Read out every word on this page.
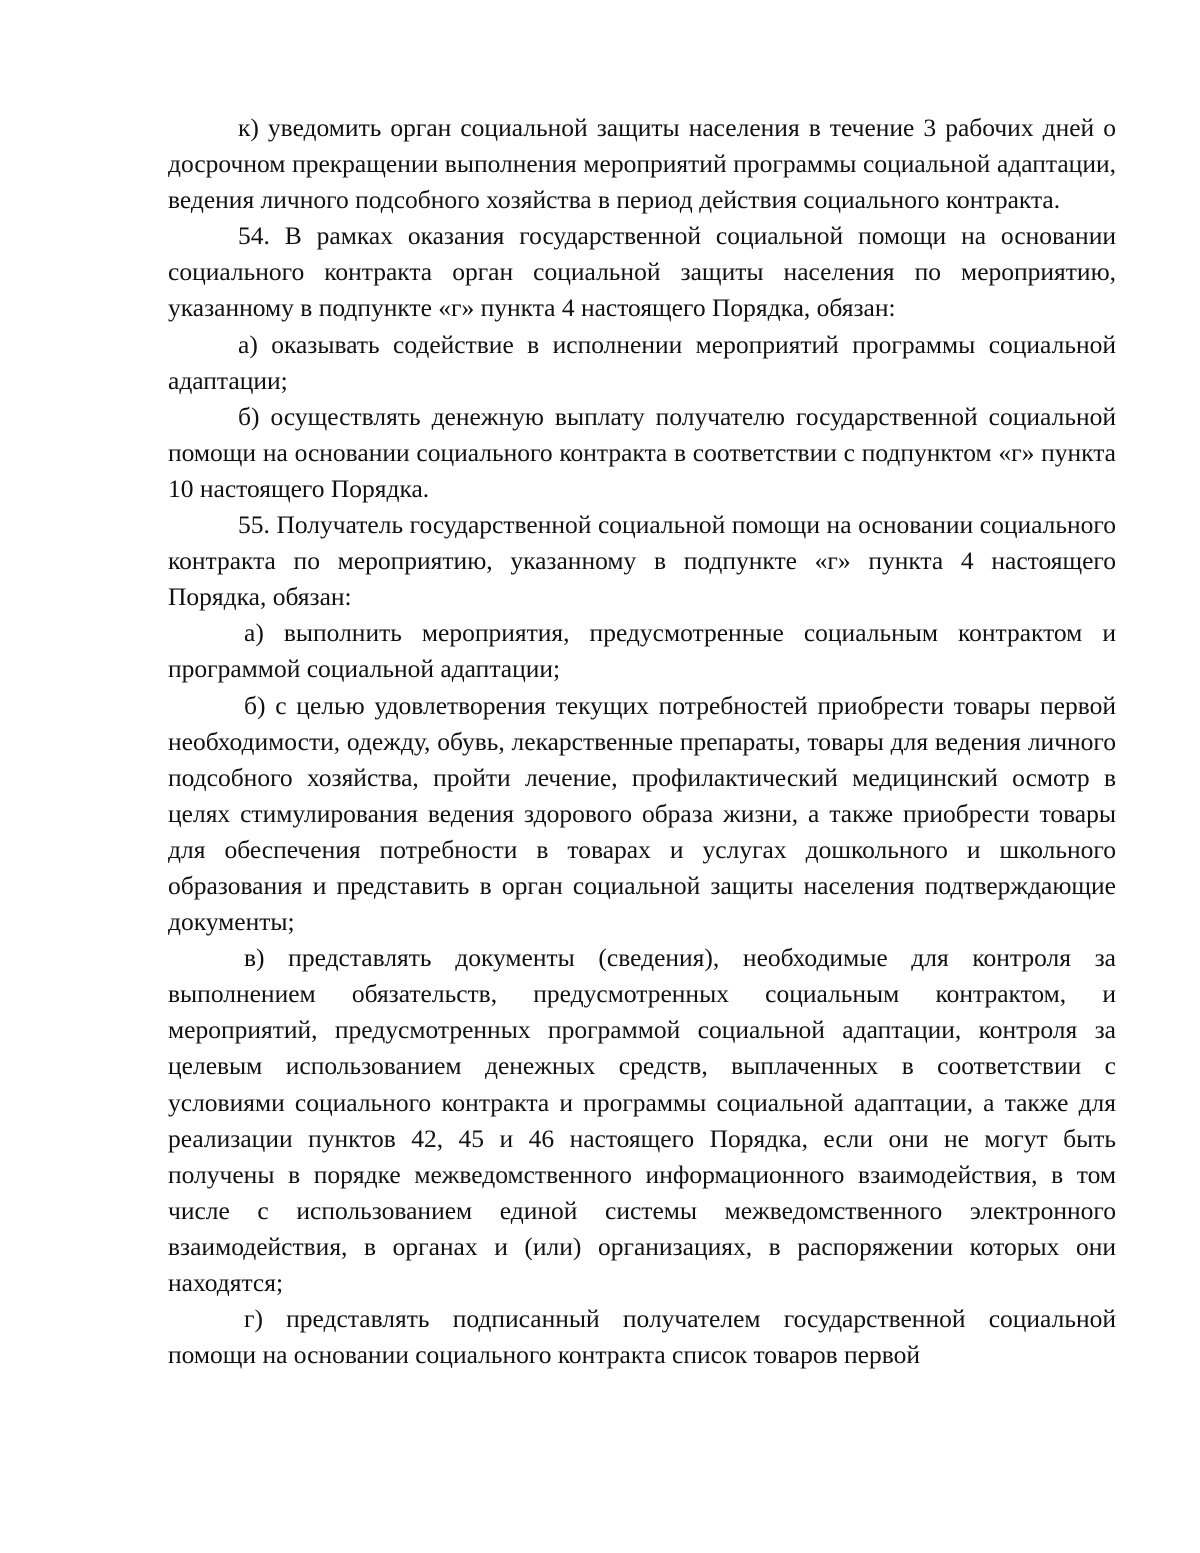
к) уведомить орган социальной защиты населения в течение 3 рабочих дней о досрочном прекращении выполнения мероприятий программы социальной адаптации, ведения личного подсобного хозяйства в период действия социального контракта.

54. В рамках оказания государственной социальной помощи на основании социального контракта орган социальной защиты населения по мероприятию, указанному в подпункте «г» пункта 4 настоящего Порядка, обязан:

а) оказывать содействие в исполнении мероприятий программы социальной адаптации;

б) осуществлять денежную выплату получателю государственной социальной помощи на основании социального контракта в соответствии с подпунктом «г» пункта 10 настоящего Порядка.

55. Получатель государственной социальной помощи на основании социального контракта по мероприятию, указанному в подпункте «г» пункта 4 настоящего Порядка, обязан:

а) выполнить мероприятия, предусмотренные социальным контрактом и программой социальной адаптации;

б) с целью удовлетворения текущих потребностей приобрести товары первой необходимости, одежду, обувь, лекарственные препараты, товары для ведения личного подсобного хозяйства, пройти лечение, профилактический медицинский осмотр в целях стимулирования ведения здорового образа жизни, а также приобрести товары для обеспечения потребности в товарах и услугах дошкольного и школьного образования и представить в орган социальной защиты населения подтверждающие документы;

в) представлять документы (сведения), необходимые для контроля за выполнением обязательств, предусмотренных социальным контрактом, и мероприятий, предусмотренных программой социальной адаптации, контроля за целевым использованием денежных средств, выплаченных в соответствии с условиями социального контракта и программы социальной адаптации, а также для реализации пунктов 42, 45 и 46 настоящего Порядка, если они не могут быть получены в порядке межведомственного информационного взаимодействия, в том числе с использованием единой системы межведомственного электронного взаимодействия, в органах и (или) организациях, в распоряжении которых они находятся;

г) представлять подписанный получателем государственной социальной помощи на основании социального контракта список товаров первой
